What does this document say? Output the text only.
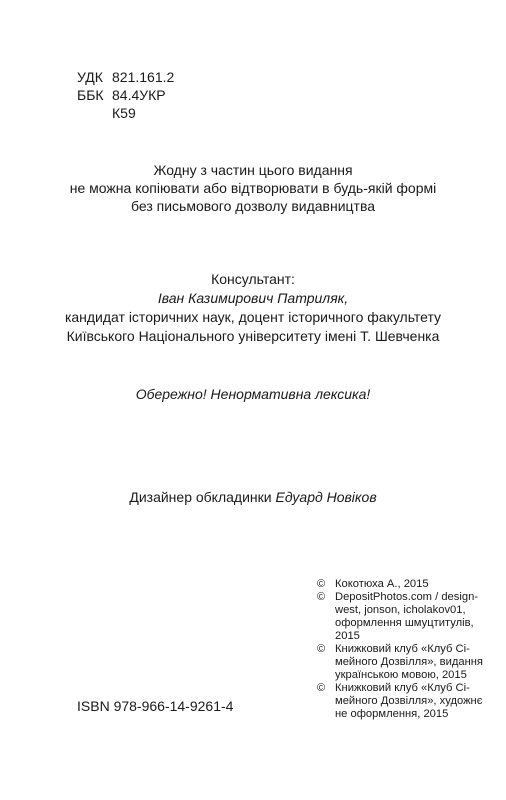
УДК 821.161.2
ББК 84.4УКР
К59
Жодну з частин цього видання
не можна копіювати або відтворювати в будь-якій формі
без письмового дозволу видавництва
Консультант:
Іван Казимирович Патриляк,
кандидат історичних наук, доцент історичного факультету
Київського Національного університету імені Т. Шевченка
Обережно! Ненормативна лексика!
Дизайнер обкладинки Едуард Новіков
© Кокотюха А., 2015
© DepositPhotos.com / design-
west, jonson, icholakov01,
оформлення шмуцтитулів,
2015
© Книжковий клуб «Клуб Сі-
мейного Дозвілля», видання
українською мовою, 2015
© Книжковий клуб «Клуб Сі-
мейного Дозвілля», художнє
не оформлення, 2015
ISBN 978-966-14-9261-4
